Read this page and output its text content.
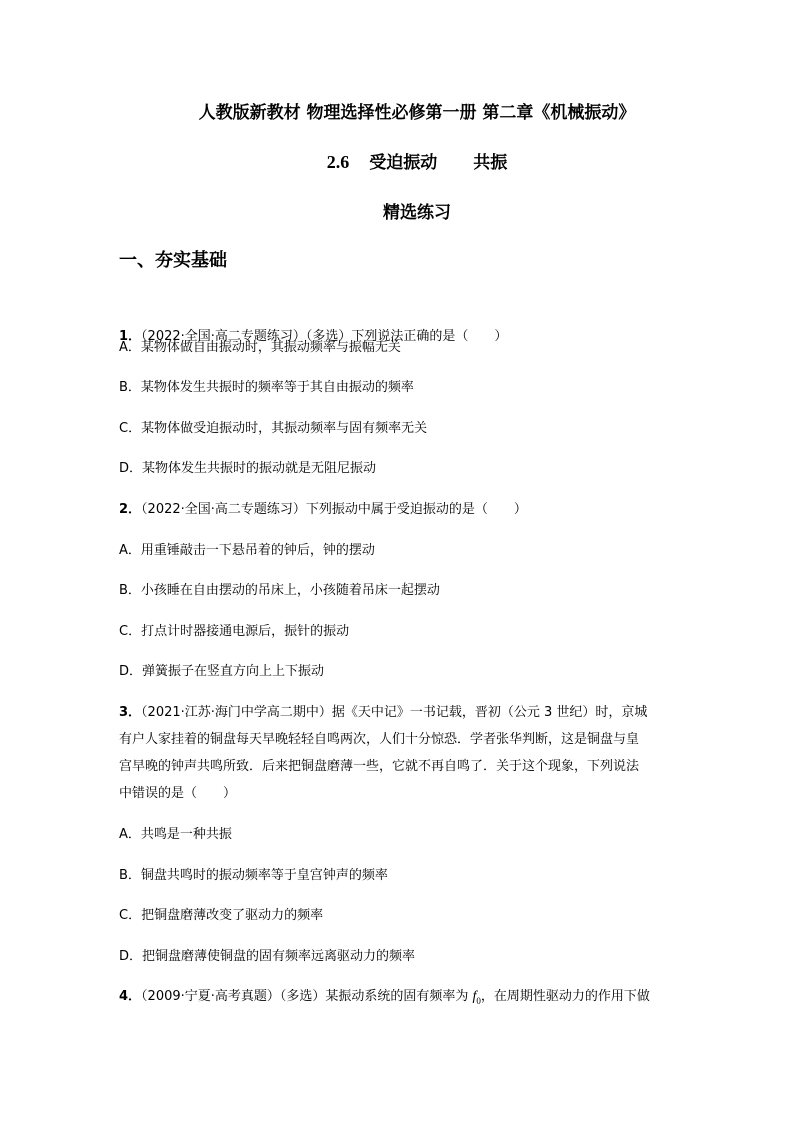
人教版新教材 物理选择性必修第一册 第二章《机械振动》
2.6 受迫振动 共振
精选练习
一、夯实基础
1．（2022·全国·高二专题练习）（多选）下列说法正确的是（　　）
A．某物体做自由振动时，其振动频率与振幅无关
B．某物体发生共振时的频率等于其自由振动的频率
C．某物体做受迫振动时，其振动频率与固有频率无关
D．某物体发生共振时的振动就是无阻尼振动
2．（2022·全国·高二专题练习）下列振动中属于受迫振动的是（　　）
A．用重锤敲击一下悬吊着的钟后，钟的摆动
B．小孩睡在自由摆动的吊床上，小孩随着吊床一起摆动
C．打点计时器接通电源后，振针的振动
D．弹簧振子在竖直方向上上下振动
3．（2021·江苏·海门中学高二期中）据《天中记》一书记载，晋初（公元 3 世纪）时，京城
有户人家挂着的铜盘每天早晚轻轻自鸣两次，人们十分惊恐．学者张华判断，这是铜盘与皇
宫早晚的钟声共鸣所致．后来把铜盘磨薄一些，它就不再自鸣了．关于这个现象，下列说法
中错误的是（　　）
A．共鸣是一种共振
B．铜盘共鸣时的振动频率等于皇宫钟声的频率
C．把铜盘磨薄改变了驱动力的频率
D．把铜盘磨薄使铜盘的固有频率远离驱动力的频率
4．（2009·宁夏·高考真题）（多选）某振动系统的固有频率为 $f_0$，在周期性驱动力的作用下做
